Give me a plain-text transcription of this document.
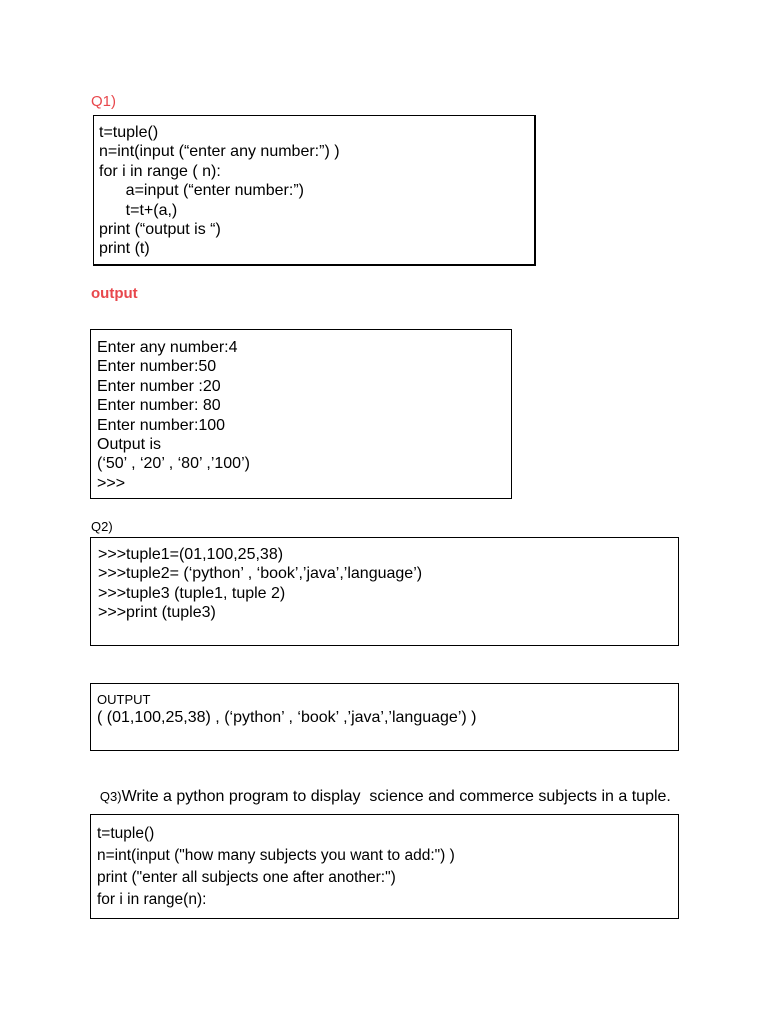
Q1)
t=tuple()
n=int(input (“enter any number:”) )
for i in range ( n):
a=input (“enter number:”)
t=t+(a,)
print (“output is “)
print (t)
output
Enter any number:4
Enter number:50
Enter number :20
Enter number: 80
Enter number:100
Output is
(‘50’ , ‘20’ , ‘80’ ,’100’)
>>>
Q2)
>>>tuple1=(01,100,25,38)
>>>tuple2= (‘python’ , ‘book’,’java’,’language’)
>>>tuple3 (tuple1, tuple 2)
>>>print (tuple3)
OUTPUT
( (01,100,25,38) , (‘python’ , ‘book’ ,’java’,’language’) )

Q3)Write a python program to display  science and commerce subjects in a tuple.

t=tuple()
n=int(input ("how many subjects you want to add:") )
print ("enter all subjects one after another:")
for i in range(n):
